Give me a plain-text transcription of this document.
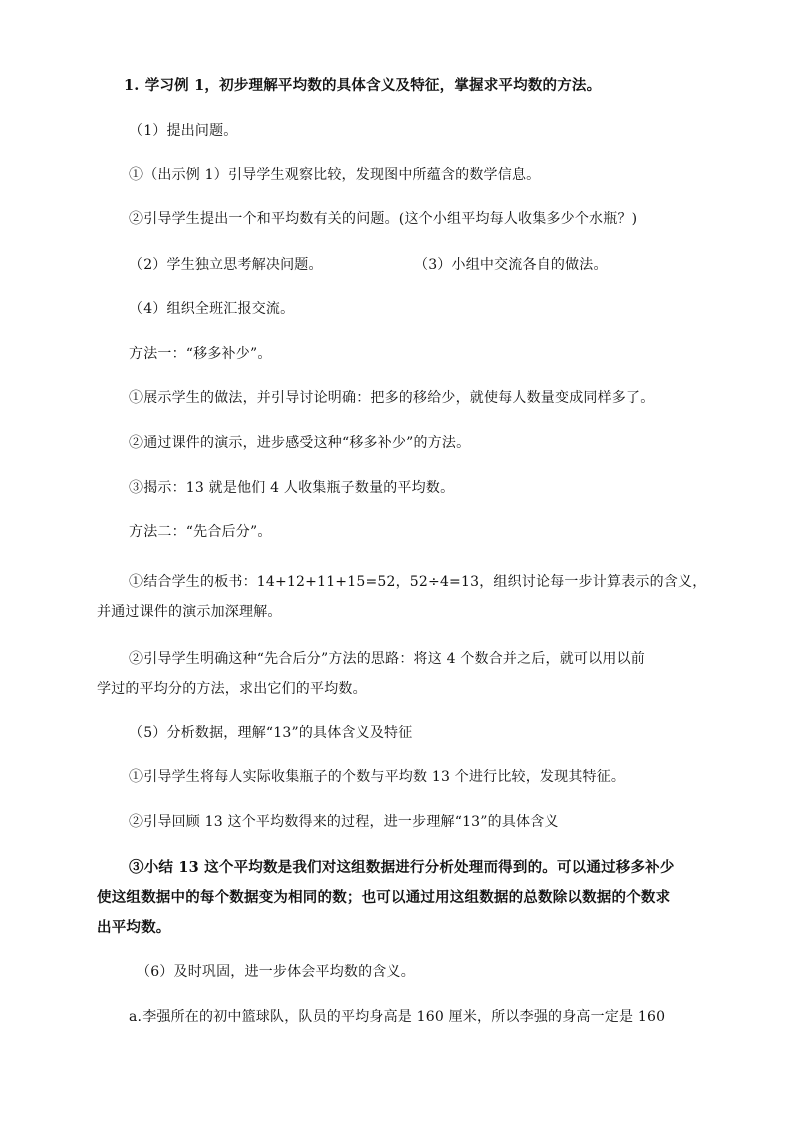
1. 学习例 1，初步理解平均数的具体含义及特征，掌握求平均数的方法。
（1）提出问题。
①（出示例 1）引导学生观察比较，发现图中所蕴含的数学信息。
②引导学生提出一个和平均数有关的问题。(这个小组平均每人收集多少个水瓶？)
（2）学生独立思考解决问题。	（3）小组中交流各自的做法。
（4）组织全班汇报交流。
方法一：“移多补少”。
①展示学生的做法，并引导讨论明确：把多的移给少，就使每人数量变成同样多了。
②通过课件的演示，进步感受这种“移多补少”的方法。
③揭示：13 就是他们 4 人收集瓶子数量的平均数。
方法二：“先合后分”。
①结合学生的板书：14+12+11+15=52，52÷4=13，组织讨论每一步计算表示的含义，
并通过课件的演示加深理解。
②引导学生明确这种“先合后分”方法的思路：将这 4 个数合并之后，就可以用以前
学过的平均分的方法，求出它们的平均数。
（5）分析数据，理解“13”的具体含义及特征
①引导学生将每人实际收集瓶子的个数与平均数 13 个进行比较，发现其特征。
②引导回顾 13 这个平均数得来的过程，进一步理解“13”的具体含义
③小结 13 这个平均数是我们对这组数据进行分析处理而得到的。可以通过移多补少
使这组数据中的每个数据变为相同的数；也可以通过用这组数据的总数除以数据的个数求
出平均数。
（6）及时巩固，进一步体会平均数的含义。
a.李强所在的初中篮球队，队员的平均身高是 160 厘米，所以李强的身高一定是 160
